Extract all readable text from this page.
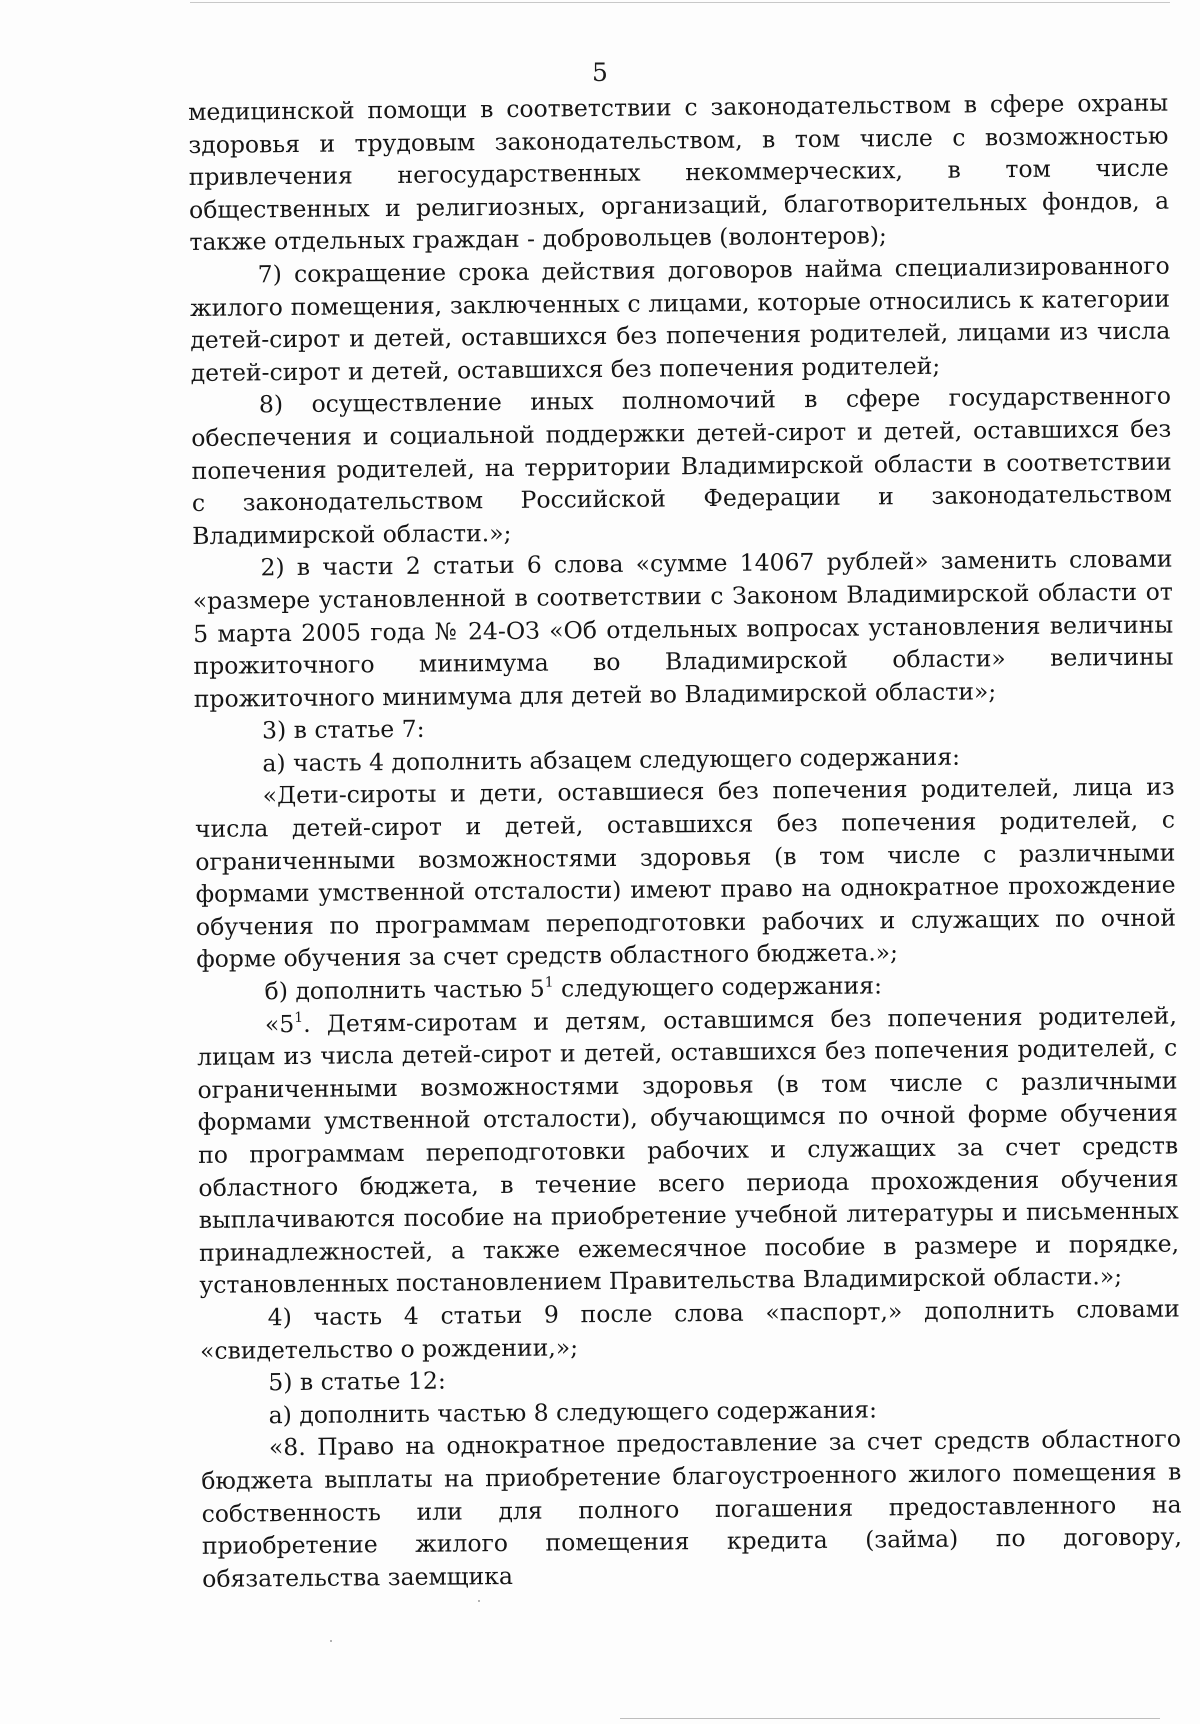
5

медицинской помощи в соответствии с законодательством в сфере охраны здоровья и трудовым законодательством, в том числе с возможностью привлечения негосударственных некоммерческих, в том числе общественных и религиозных, организаций, благотворительных фондов, а также отдельных граждан - добровольцев (волонтеров);

7) сокращение срока действия договоров найма специализированного жилого помещения, заключенных с лицами, которые относились к категории детей-сирот и детей, оставшихся без попечения родителей, лицами из числа детей-сирот и детей, оставшихся без попечения родителей;

8) осуществление иных полномочий в сфере государственного обеспечения и социальной поддержки детей-сирот и детей, оставшихся без попечения родителей, на территории Владимирской области в соответствии с законодательством Российской Федерации и законодательством Владимирской области.»;

2) в части 2 статьи 6 слова «сумме 14067 рублей» заменить словами «размере установленной в соответствии с Законом Владимирской области от 5 марта 2005 года № 24-ОЗ «Об отдельных вопросах установления величины прожиточного минимума во Владимирской области» величины прожиточного минимума для детей во Владимирской области»;

3) в статье 7:

а) часть 4 дополнить абзацем следующего содержания:

«Дети-сироты и дети, оставшиеся без попечения родителей, лица из числа детей-сирот и детей, оставшихся без попечения родителей, с ограниченными возможностями здоровья (в том числе с различными формами умственной отсталости) имеют право на однократное прохождение обучения по программам переподготовки рабочих и служащих по очной форме обучения за счет средств областного бюджета.»;

б) дополнить частью $5^1$ следующего содержания:

«$5^1$. Детям-сиротам и детям, оставшимся без попечения родителей, лицам из числа детей-сирот и детей, оставшихся без попечения родителей, с ограниченными возможностями здоровья (в том числе с различными формами умственной отсталости), обучающимся по очной форме обучения по программам переподготовки рабочих и служащих за счет средств областного бюджета, в течение всего периода прохождения обучения выплачиваются пособие на приобретение учебной литературы и письменных принадлежностей, а также ежемесячное пособие в размере и порядке, установленных постановлением Правительства Владимирской области.»;

4) часть 4 статьи 9 после слова «паспорт,» дополнить словами «свидетельство о рождении,»;

5) в статье 12:

а) дополнить частью 8 следующего содержания:

«8. Право на однократное предоставление за счет средств областного бюджета выплаты на приобретение благоустроенного жилого помещения в собственность или для полного погашения предоставленного на приобретение жилого помещения кредита (займа) по договору, обязательства заемщика
